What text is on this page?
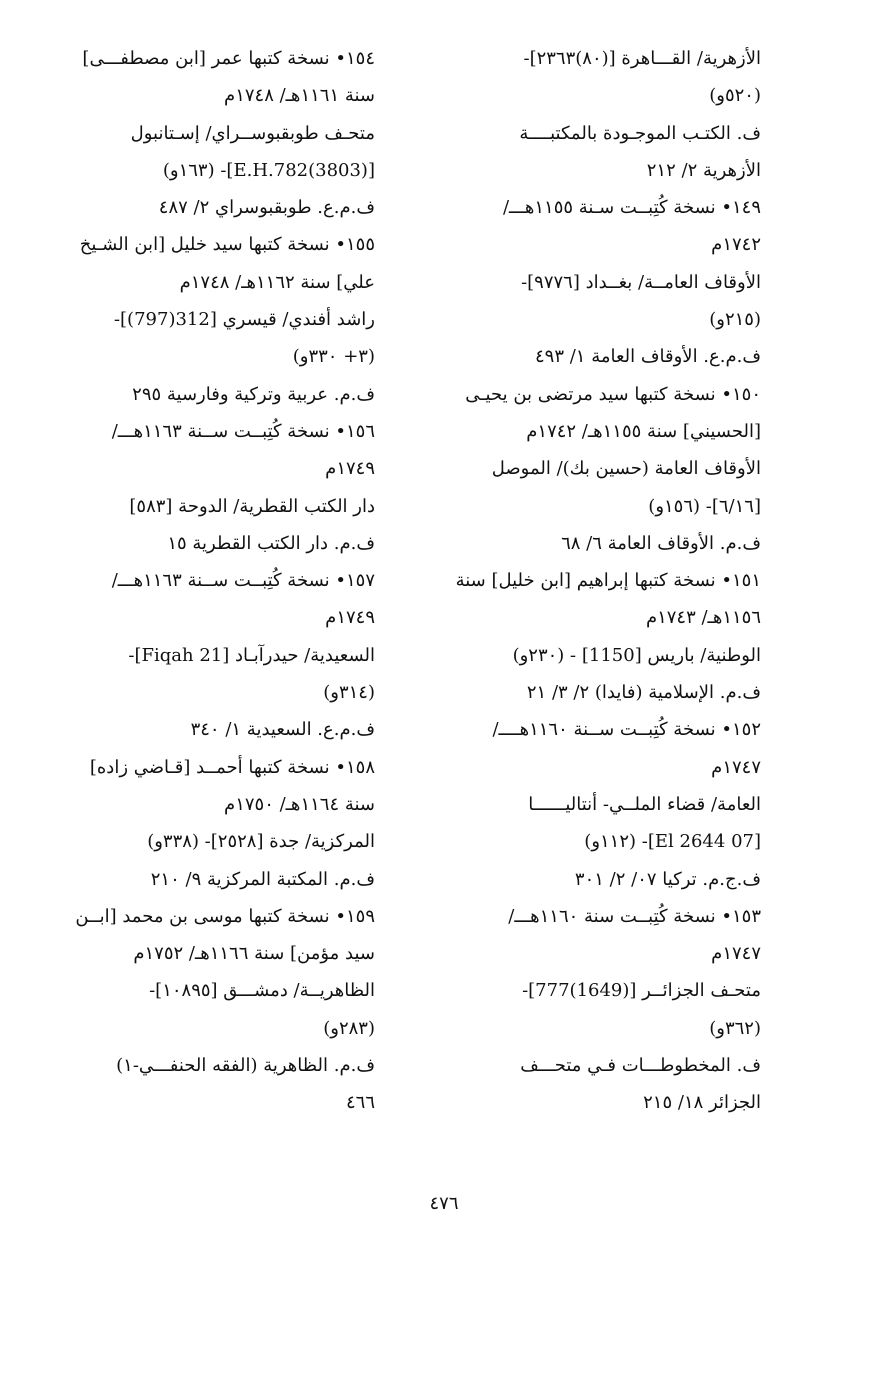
الأزهرية/ القـــاهرة [(٨٠)٢٣٦٣]-

(٥٢٠و)

ف. الكتـب الموجـودة بالمكتبــــة

الأزهرية ٢/ ٢١٢

١٤٩• نسخة كُتِبــت سـنة ١١٥٥هـــ/

١٧٤٢م

الأوقاف العامــة/ بغــداد [٩٧٧٦]-

(٢١٥و)

ف.م.ع. الأوقاف العامة ١/ ٤٩٣

١٥٠• نسخة كتبها سيد مرتضى بن يحيـى

[الحسيني] سنة ١١٥٥هـ/ ١٧٤٢م

الأوقاف العامة (حسين بك)/ الموصل

[٦/١٦]- (١٥٦و)

ف.م. الأوقاف العامة ٦/ ٦٨

١٥١• نسخة كتبها إبراهيم [ابن خليل] سنة

١١٥٦هـ/ ١٧٤٣م

الوطنية/ باريس [1150] - (٢٣٠و)

ف.م. الإسلامية (فايدا) ٢/ ٣/ ٢١

١٥٢• نسخة كُتِبــت ســنة ١١٦٠هــــ/

١٧٤٧م

العامة/ قضاء الملــي- أنتاليــــــا

[07 El 2644]- (١١٢و)

ف.ج.م. تركيا ٠٧/ ٢/ ٣٠١

١٥٣• نسخة كُتِبــت سنة ١١٦٠هـــ/

١٧٤٧م

متحـف الجزائــر [(1649)777]-

(٣٦٢و)

ف. المخطوطـــات فـي متحـــف

الجزائر ١٨/ ٢١٥

١٥٤• نسخة كتبها عمر [ابن مصطفـــى]

سنة ١١٦١هـ/ ١٧٤٨م

متحـف طوبقبوســراي/ إسـتانبول

[E.H.782(3803)]- (١٦٣و)

ف.م.ع. طوبقبوسراي ٢/ ٤٨٧

١٥٥• نسخة كتبها سيد خليل [ابن الشـيخ

علي] سنة ١١٦٢هـ/ ١٧٤٨م

راشد أفندي/ قيسري [312(797)]-

(٣+ ٣٣٠و)

ف.م. عربية وتركية وفارسية ٢٩٥

١٥٦• نسخة كُتِبــت ســنة ١١٦٣هـــ/

١٧٤٩م

دار الكتب القطرية/ الدوحة [٥٨٣]

ف.م. دار الكتب القطرية ١٥

١٥٧• نسخة كُتِبــت ســنة ١١٦٣هـــ/

١٧٤٩م

السعيدية/ حيدرآبـاد [Fiqah 21]-

(٣١٤و)

ف.م.ع. السعيدية ١/ ٣٤٠

١٥٨• نسخة كتبها أحمــد [قـاضي زاده]

سنة ١١٦٤هـ/ ١٧٥٠م

المركزية/ جدة [٢٥٢٨]- (٣٣٨و)

ف.م. المكتبة المركزية ٩/ ٢١٠

١٥٩• نسخة كتبها موسى بن محمد [ابــن

سيد مؤمن] سنة ١١٦٦هـ/ ١٧٥٢م

الظاهريــة/ دمشـــق [١٠٨٩٥]-

(٢٨٣و)

ف.م. الظاهرية (الفقه الحنفـــي-١)

٤٦٦

٤٧٦
